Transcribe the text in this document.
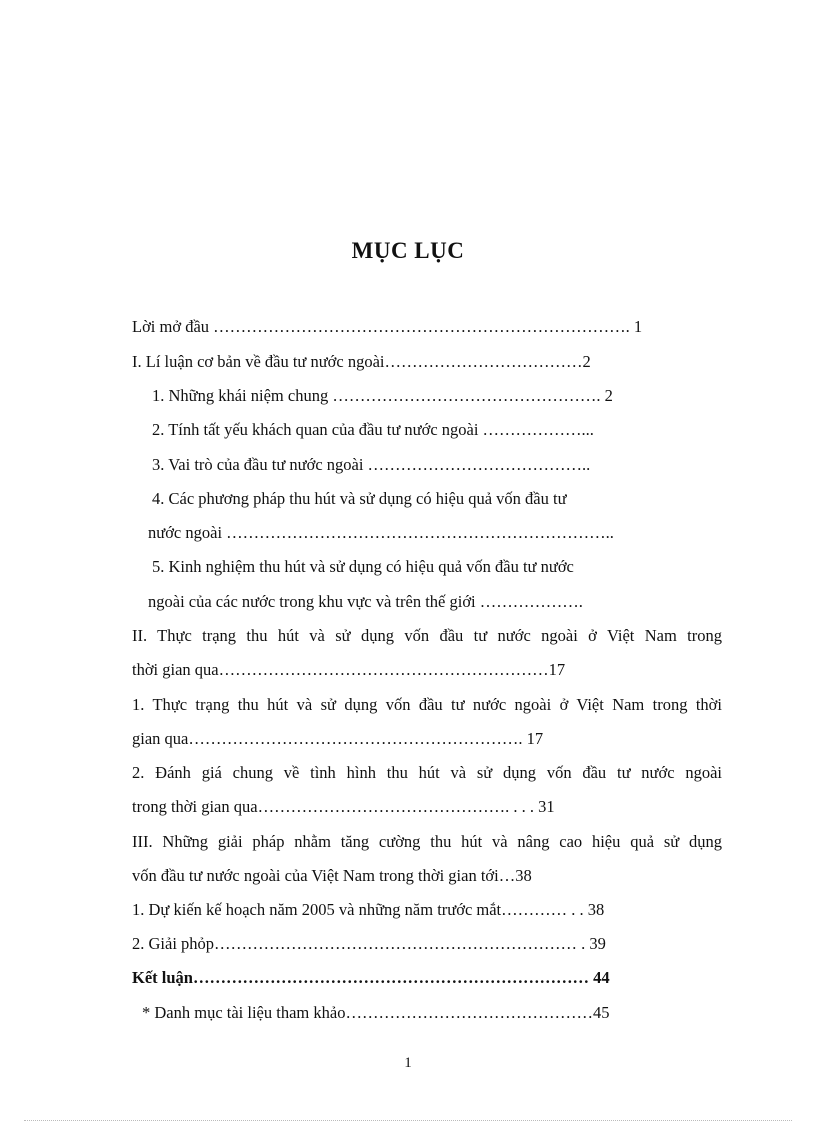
MỤC LỤC
Lời mở đầu …………………………………………………………………. 1
I. Lí luận cơ bản về đầu tư nước ngoài………………………………2
1. Những khái niệm chung …………………………………………. 2
2. Tính tất yếu khách quan của đầu tư nước ngoài ………………...
3. Vai trò của đầu tư nước ngoài …………………………………..
4. Các phương pháp thu hút và sử dụng có hiệu quả vốn đầu tư
nước ngoài ……………………………………………………………..
5. Kinh nghiệm thu hút và sử dụng có hiệu quả vốn đầu tư nước
ngoài của các nước trong khu vực và trên thế giới ……………….
II. Thực trạng thu hút và sử dụng vốn đầu tư nước ngoài ở Việt Nam trong
thời gian qua……………………………………………………17
1. Thực trạng thu hút và sử dụng vốn đầu tư nước ngoài ở Việt Nam trong thời
gian qua……………………………………………………. 17
2. Đánh giá chung về tình hình thu hút và sử dụng vốn đầu tư nước ngoài
trong thời gian qua………………………………………. . . . 31
III. Những giải pháp nhằm tăng cường thu hút và nâng cao hiệu quả sử dụng
vốn đầu tư nước ngoài của Việt Nam trong thời gian tới…38
1. Dự kiến kế hoạch năm 2005 và những năm trước mắt………… . . 38
2. Giải phỏp………………………………………………………… . 39
Kết luận……………………………………………………………… 44
* Danh mục tài liệu tham khảo………………………………………45
1
